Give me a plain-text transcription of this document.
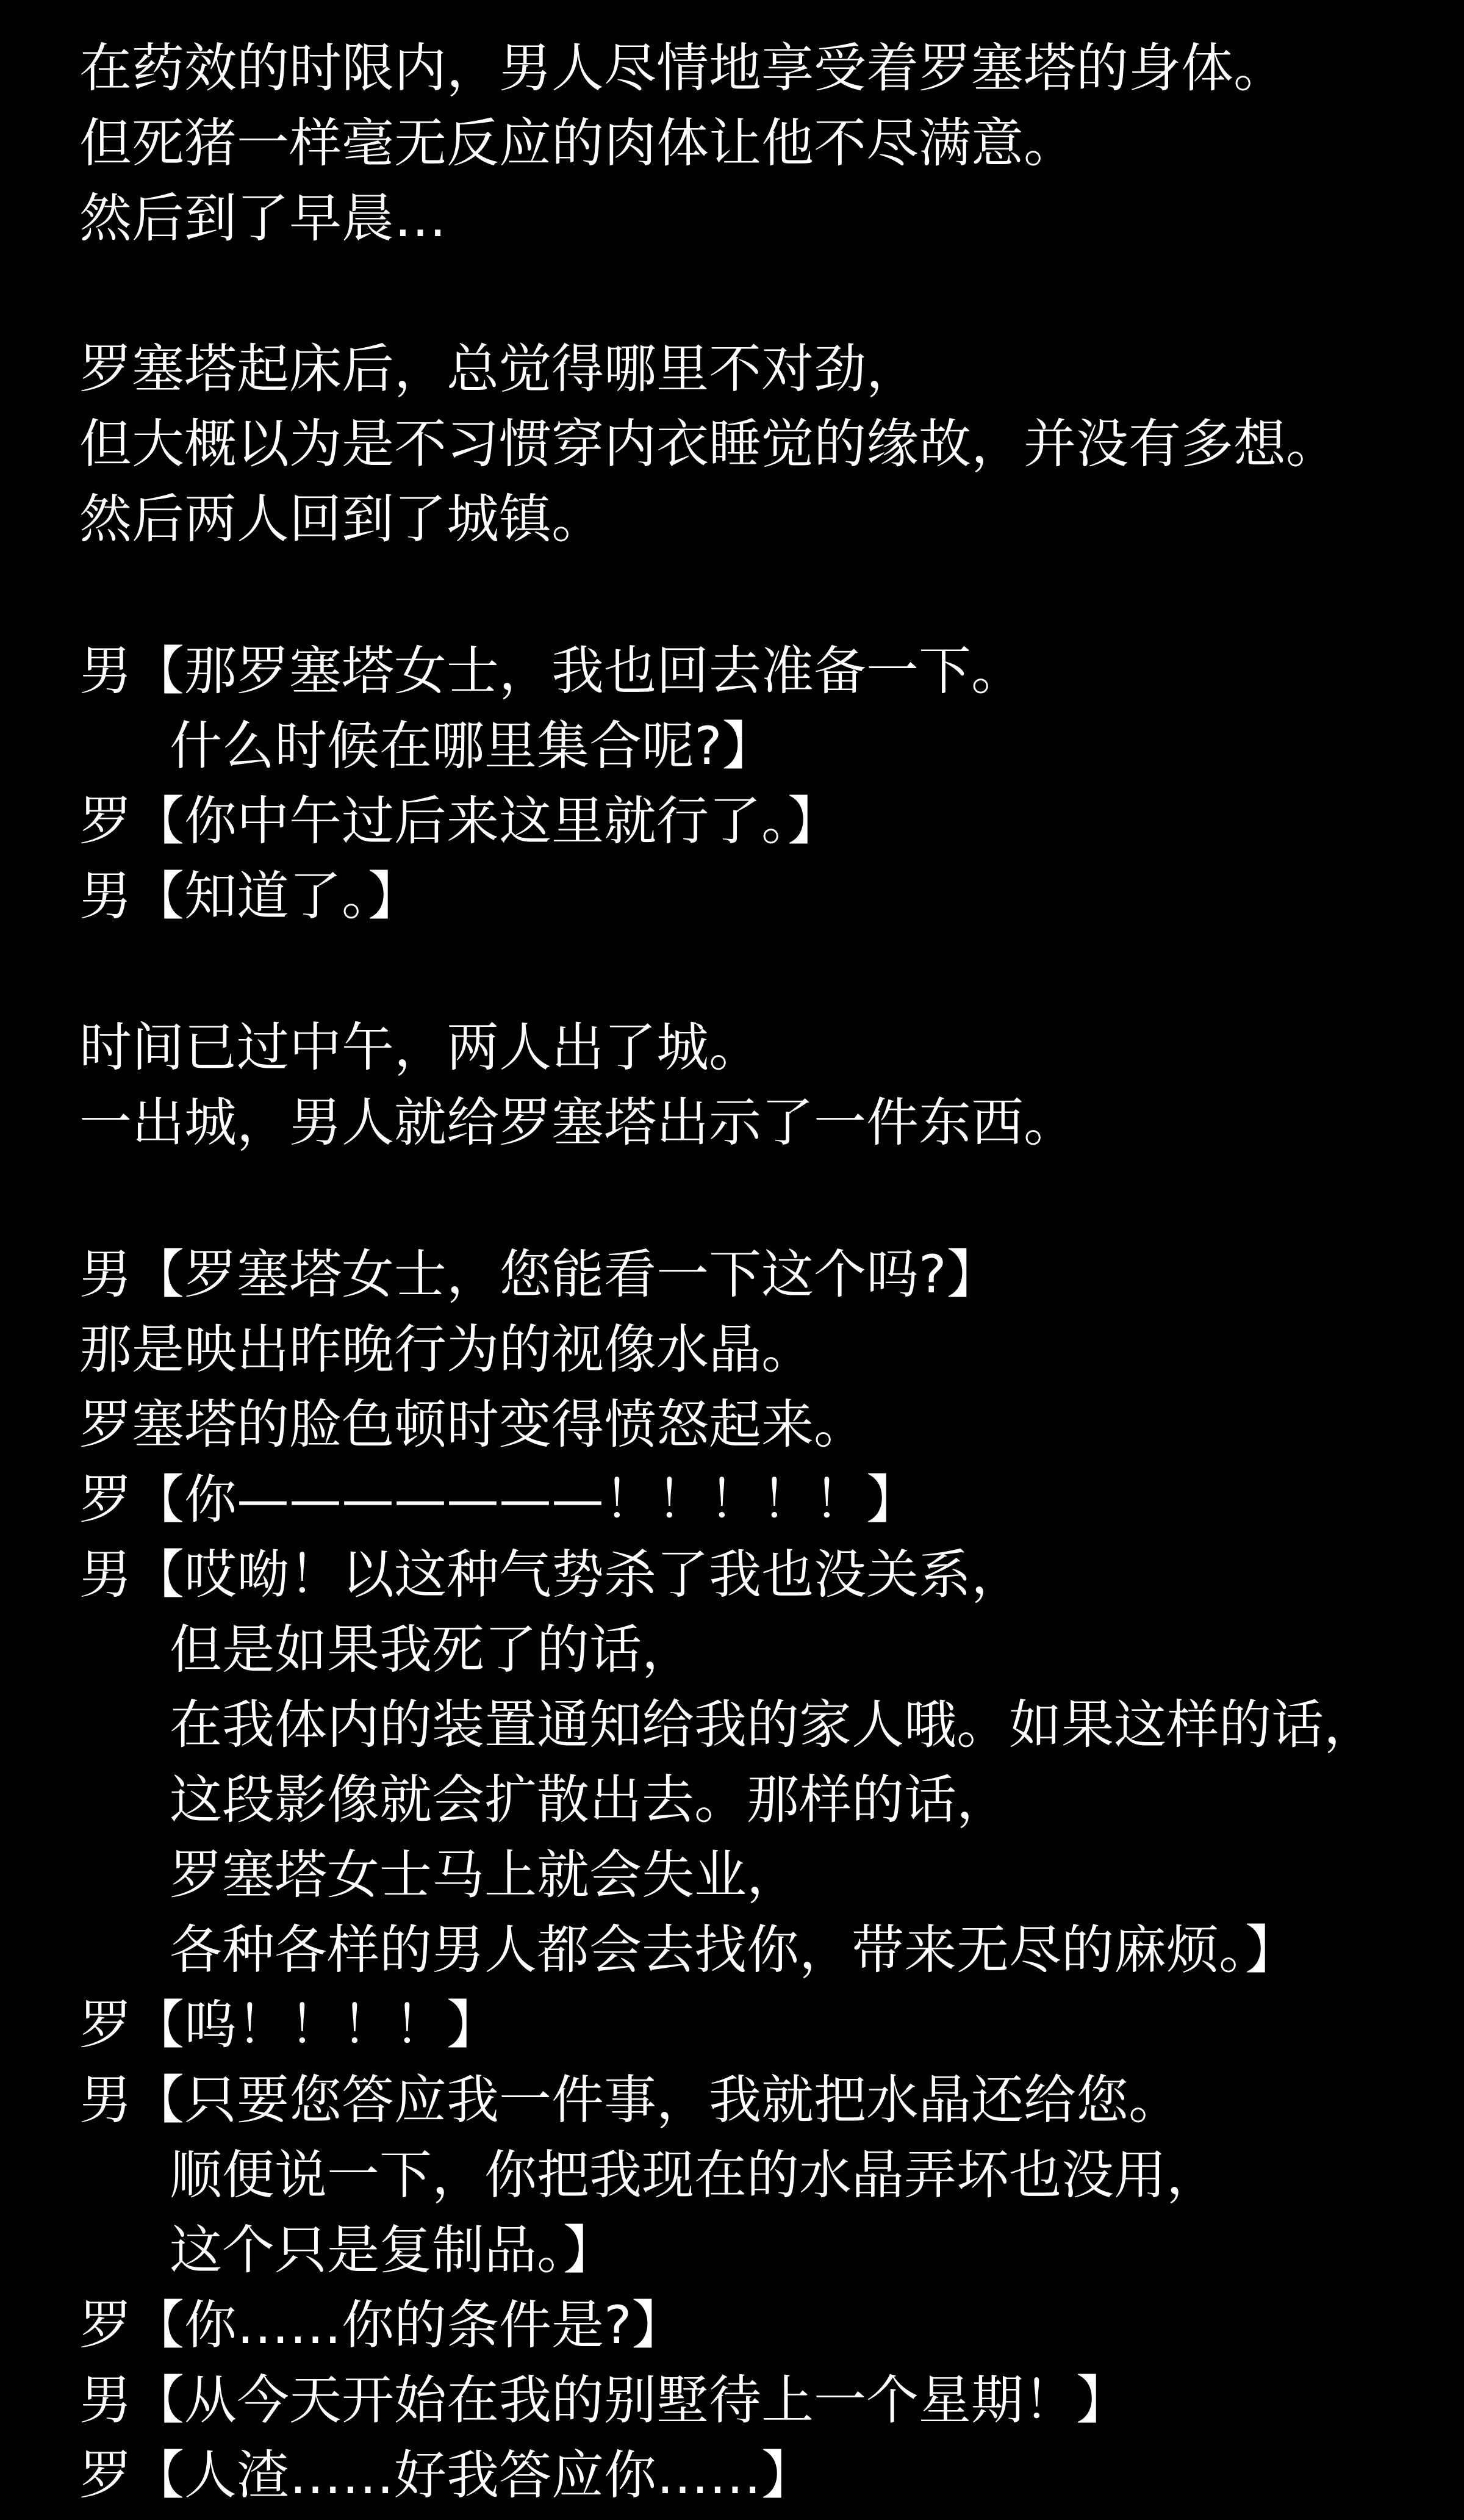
在药效的时限内，男人尽情地享受着罗塞塔的身体。
但死猪一样毫无反应的肉体让他不尽满意。
然后到了早晨…
罗塞塔起床后，总觉得哪里不对劲，
但大概以为是不习惯穿内衣睡觉的缘故，并没有多想。
然后两人回到了城镇。
男【那罗塞塔女士，我也回去准备一下。
什么时候在哪里集合呢?】
罗【你中午过后来这里就行了。】
男【知道了。】
时间已过中午，两人出了城。
一出城，男人就给罗塞塔出示了一件东西。
男【罗塞塔女士，您能看一下这个吗?】
那是映出昨晚行为的视像水晶。
罗塞塔的脸色顿时变得愤怒起来。
罗【你———————！！！！！】
男【哎呦！以这种气势杀了我也没关系，
但是如果我死了的话，
在我体内的装置通知给我的家人哦。如果这样的话，
这段影像就会扩散出去。那样的话，
罗塞塔女士马上就会失业，
各种各样的男人都会去找你，带来无尽的麻烦。】
罗【呜！！！！】
男【只要您答应我一件事，我就把水晶还给您。
顺便说一下，你把我现在的水晶弄坏也没用，
这个只是复制品。】
罗【你……你的条件是?】
男【从今天开始在我的别墅待上一个星期！】
罗【人渣……好我答应你……】
